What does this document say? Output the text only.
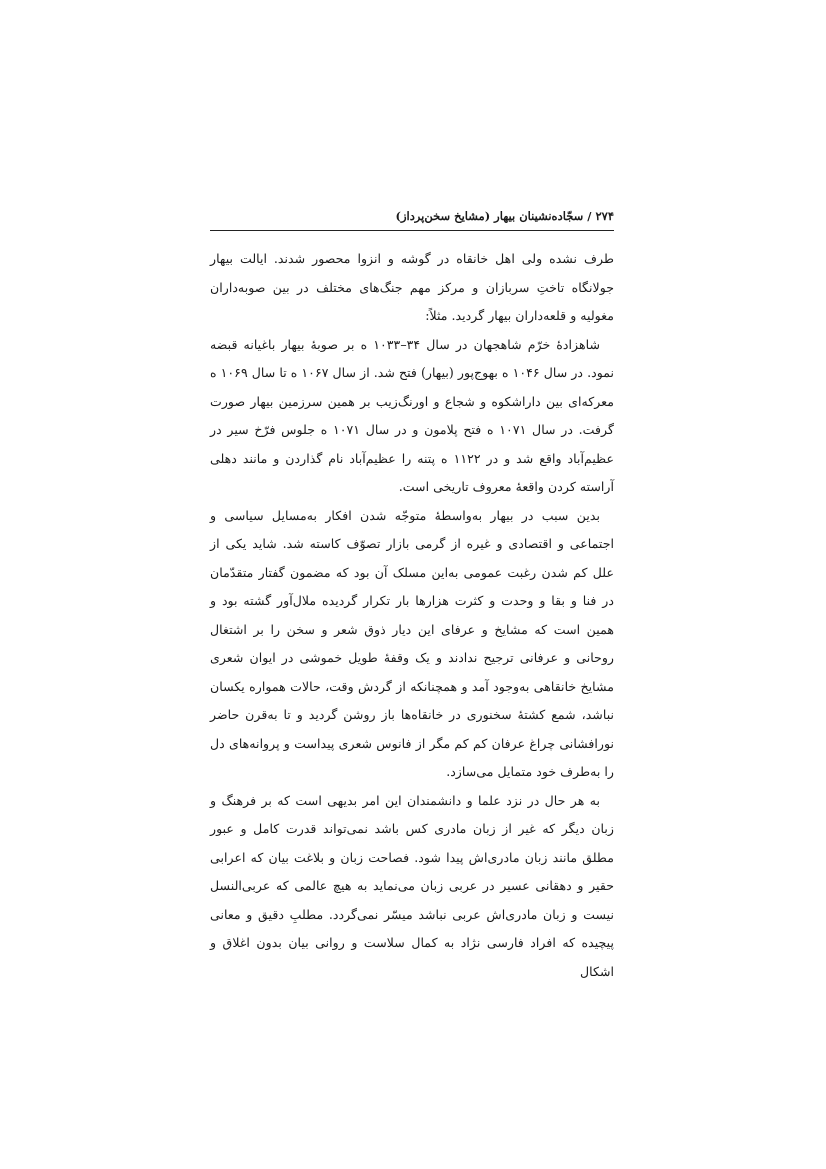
۲۷۴ / سجّاده‌نشینان بیهار (مشایخ سخن‌پرداز)

طرف نشده ولی اهل خانقاه در گوشه و انزوا محصور شدند. ایالت بیهار جولانگاه تاختِ سربازان و مرکز مهم جنگ‌های مختلف در بین صوبه‌داران مغولیه و قلعه‌داران بیهار گردید. مثلاً:

شاهزادهٔ خرّم شاهجهان در سال ۳۴–۱۰۳۳ ه بر صوبهٔ بیهار باغیانه قبضه نمود. در سال ۱۰۴۶ ه بهوج‌پور (بیهار) فتح شد. از سال ۱۰۶۷ ه تا سال ۱۰۶۹ ه معرکه‌ای بین داراشکوه و شجاع و اورنگ‌زیب بر همین سرزمین بیهار صورت گرفت. در سال ۱۰۷۱ ه فتح پلامون و در سال ۱۰۷۱ ه جلوس فرّخ سیر در عظیم‌آباد واقع شد و در ۱۱۲۲ ه پتنه را عظیم‌آباد نام گذاردن و مانند دهلی آراسته کردن واقعهٔ معروف تاریخی است.

بدین سبب در بیهار به‌واسطهٔ متوجّه شدن افکار به‌مسایل سیاسی و اجتماعی و اقتصادی و غیره از گرمی بازار تصوّف کاسته شد. شاید یکی از علل کم شدن رغبت عمومی به‌این مسلک آن بود که مضمون گفتار متقدّمان در فنا و بقا و وحدت و کثرت هزارها بار تکرار گردیده ملال‌آور گشته بود و همین است که مشایخ و عرفای این دیار ذوق شعر و سخن را بر اشتغال روحانی و عرفانی ترجیح ندادند و یک وقفهٔ طویل خموشی در ایوان شعری مشایخ خانقاهی به‌وجود آمد و همچنانکه از گردش وقت، حالات همواره یکسان نباشد، شمع کشتهٔ سخنوری در خانقاه‌ها باز روشن گردید و تا به‌قرن حاضر نورافشانی چراغ عرفان کم کم مگر از فانوس شعری پیداست و پروانه‌های دل را به‌طرف خود متمایل می‌سازد.

به هر حال در نزد علما و دانشمندان این امر بدیهی است که بر فرهنگ و زبان دیگر که غیر از زبان مادری کس باشد نمی‌تواند قدرت کامل و عبور مطلق مانند زبان مادری‌اش پیدا شود. فصاحت زبان و بلاغت بیان که اعرابی حقیر و دهقانی عسیر در عربی زبان می‌نماید به هیچ عالمی که عربی‌النسل نیست و زبان مادری‌اش عربی نباشد میسّر نمی‌گردد. مطلبِ دقیق و معانی پیچیده که افراد فارسی نژاد به کمال سلاست و روانی بیان بدون اغلاق و اشکال
